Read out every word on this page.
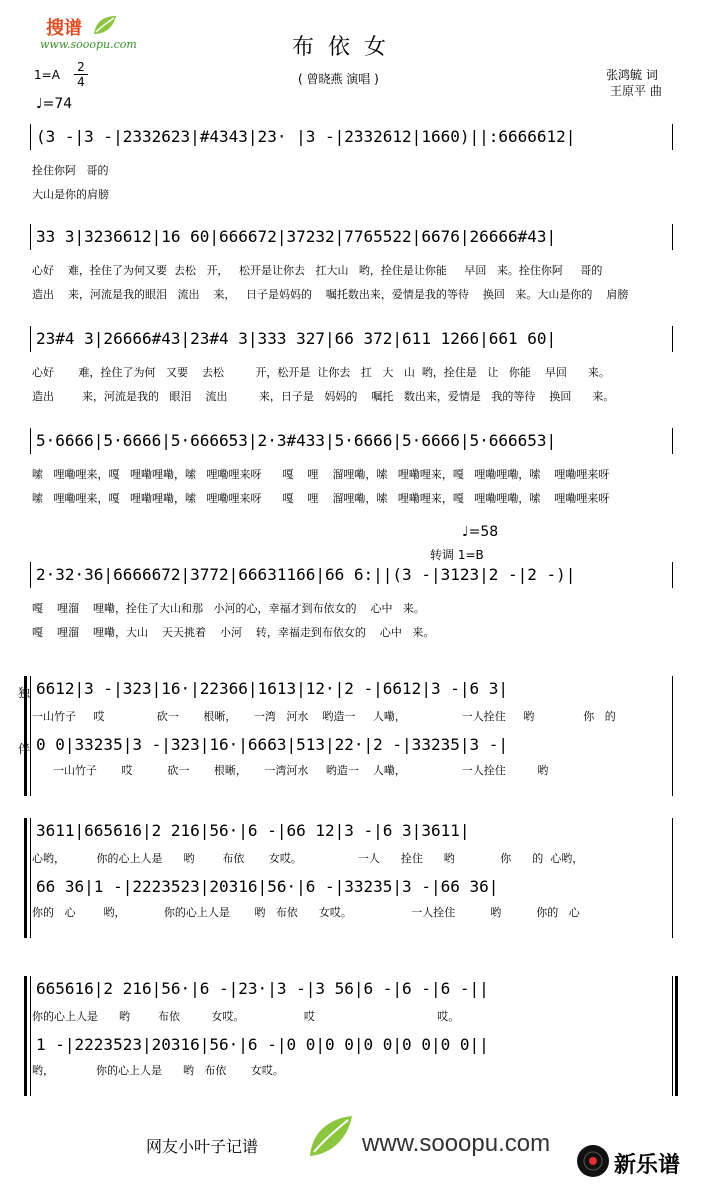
搜谱
www.sooopu.com	布依女
( 曾晓燕 演唱 )	张鸿毓 词
王原平 曲
1=A
2
4
♩=74
(3 -|3 -|2332623|#4343|23· |3 -|2332612|1660)||:6666612|
拴住你阿   哥的
大山是你的肩膀
33 3|3236612|16 60|666672|37232|7765522|6676|26666#43|
心好    难，拴住了为何又要  去松   开，   松开是让你去   扛大山   哟，拴住是让你能     早回   来。拴住你阿     哥的
造出    来，河流是我的眼泪   流出    来，   日子是妈妈的    嘱托数出来，爱情是我的等待    换回   来。大山是你的    肩膀
23#4 3|26666#43|23#4 3|333 327|66 372|611 1266|661 60|
心好       难，拴住了为何   又要    去松         开，松开是  让你去   扛   大   山  哟，拴住是   让   你能    早回      来。
造出        来，河流是我的   眼泪    流出         来，日子是   妈妈的    嘱托   数出来，爱情是   我的等待    换回      来。
5·6666|5·6666|5·666653|2·3#433|5·6666|5·6666|5·666653|
嗦   哩嘞哩来，嘎   哩嘞哩嘞，嗦   哩嘞哩来呀      嘎    哩    溜哩嘞，嗦   哩嘞哩来，嘎   哩嘞哩嘞，嗦    哩嘞哩来呀
嗦   哩嘞哩来，嘎   哩嘞哩嘞，嗦   哩嘞哩来呀      嘎    哩    溜哩嘞，嗦   哩嘞哩来，嘎   哩嘞哩嘞，嗦    哩嘞哩来呀
2·32·36|6666672|3772|66631166|66 6:||(3 -|3123|2 -|2 -)|
嘎    哩溜    哩嘞，拴住了大山和那   小河的心，幸福才到布依女的    心中   来。
嘎    哩溜    哩嘞，大山    天天挑着    小河    转，幸福走到布依女的    心中   来。
6612|3 -|323|16·|22366|1613|12·|2 -|6612|3 -|6 3|
一山竹子     哎               砍一       根晰，     一湾   河水    哟造一     人嘞，                一人拴住     哟              你   的
0 0|33235|3 -|323|16·|6663|513|22·|2 -|33235|3 -|
一山竹子       哎          砍一       根晰，     一湾河水     哟造一    人嘞，                一人拴住         哟
独
伴
3611|665616|2 216|56·|6 -|66 12|3 -|6 3|3611|
心哟，         你的心上人是      哟        布依       女哎。                一人      拴住      哟             你      的  心哟，
66 36|1 -|2223523|20316|56·|6 -|33235|3 -|66 36|
你的   心        哟，           你的心上人是       哟   布依      女哎。                 一人拴住          哟          你的   心
665616|2 216|56·|6 -|23·|3 -|3 56|6 -|6 -|6 -||
你的心上人是      哟        布依         女哎。                 哎                                   哎。
1 -|2223523|20316|56·|6 -|0 0|0 0|0 0|0 0|0 0||
哟，            你的心上人是      哟   布依       女哎。
♩=58
转调 1=B
网友小叶子记谱	www.sooopu.com
新乐谱
